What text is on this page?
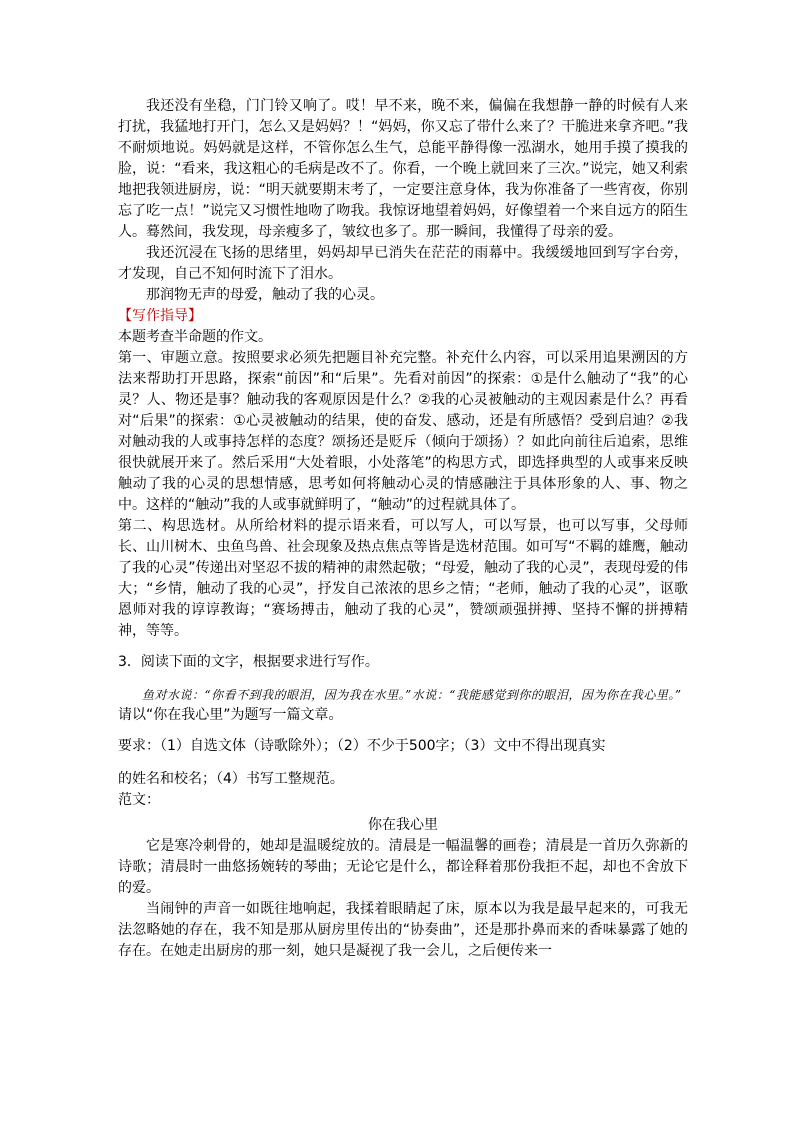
我还没有坐稳，门门铃又响了。哎！早不来，晚不来，偏偏在我想静一静的时候有人来打扰，我猛地打开门，怎么又是妈妈？！“妈妈，你又忘了带什么来了？干脆进来拿齐吧。”我不耐烦地说。妈妈就是这样，不管你怎么生气，总能平静得像一泓湖水，她用手摸了摸我的脸，说：“看来，我这粗心的毛病是改不了。你看，一个晚上就回来了三次。”说完，她又利索地把我领进厨房，说：“明天就要期末考了，一定要注意身体，我为你准备了一些宵夜，你别忘了吃一点！”说完又习惯性地吻了吻我。我惊讶地望着妈妈，好像望着一个来自远方的陌生人。蓦然间，我发现，母亲瘦多了，皱纹也多了。那一瞬间，我懂得了母亲的爱。

我还沉浸在飞扬的思绪里，妈妈却早已消失在茫茫的雨幕中。我缓缓地回到写字台旁，才发现，自己不知何时流下了泪水。

那润物无声的母爱，触动了我的心灵。

【写作指导】

本题考查半命题的作文。

第一、审题立意。按照要求必须先把题目补充完整。补充什么内容，可以采用追果溯因的方法来帮助打开思路，探索“前因”和“后果”。先看对前因”的探索：①是什么触动了“我”的心灵？人、物还是事？触动我的客观原因是什么？②我的心灵被触动的主观因素是什么？再看对“后果”的探索：①心灵被触动的结果，使的奋发、感动，还是有所感悟？受到启迪？②我对触动我的人或事持怎样的态度？颂扬还是贬斥（倾向于颂扬）？如此向前往后追索，思维很快就展开来了。然后采用“大处着眼，小处落笔”的构思方式，即选择典型的人或事来反映触动了我的心灵的思想情感，思考如何将触动心灵的情感融注于具体形象的人、事、物之中。这样的“触动”我的人或事就鲜明了，“触动”的过程就具体了。

第二、构思选材。从所给材料的提示语来看，可以写人，可以写景，也可以写事，父母师长、山川树木、虫鱼鸟兽、社会现象及热点焦点等皆是选材范围。如可写“不羁的雄鹰，触动了我的心灵”传递出对坚忍不拔的精神的肃然起敬；“母爱，触动了我的心灵”，表现母爱的伟大；“乡情，触动了我的心灵”，抒发自己浓浓的思乡之情；“老师，触动了我的心灵”，讴歌恩师对我的谆谆教诲；“赛场搏击，触动了我的心灵”，赞颂顽强拼搏、坚持不懈的拼搏精神，等等。

3．阅读下面的文字，根据要求进行写作。

鱼对水说：“你看不到我的眼泪，因为我在水里。”水说：“我能感觉到你的眼泪，因为你在我心里。”

请以“你在我心里”为题写一篇文章。

要求：（1）自选文体（诗歌除外）；（2）不少于500字；（3）文中不得出现真实

的姓名和校名；（4）书写工整规范。

范文：

你在我心里

它是寒冷刺骨的，她却是温暖绽放的。清晨是一幅温馨的画卷；清晨是一首历久弥新的诗歌；清晨时一曲悠扬婉转的琴曲；无论它是什么，都诠释着那份我拒不起，却也不舍放下的爱。

当闹钟的声音一如既往地响起，我揉着眼睛起了床，原本以为我是最早起来的，可我无法忽略她的存在，我不知是那从厨房里传出的“协奏曲”，还是那扑鼻而来的香味暴露了她的存在。在她走出厨房的那一刻，她只是凝视了我一会儿，之后便传来一
